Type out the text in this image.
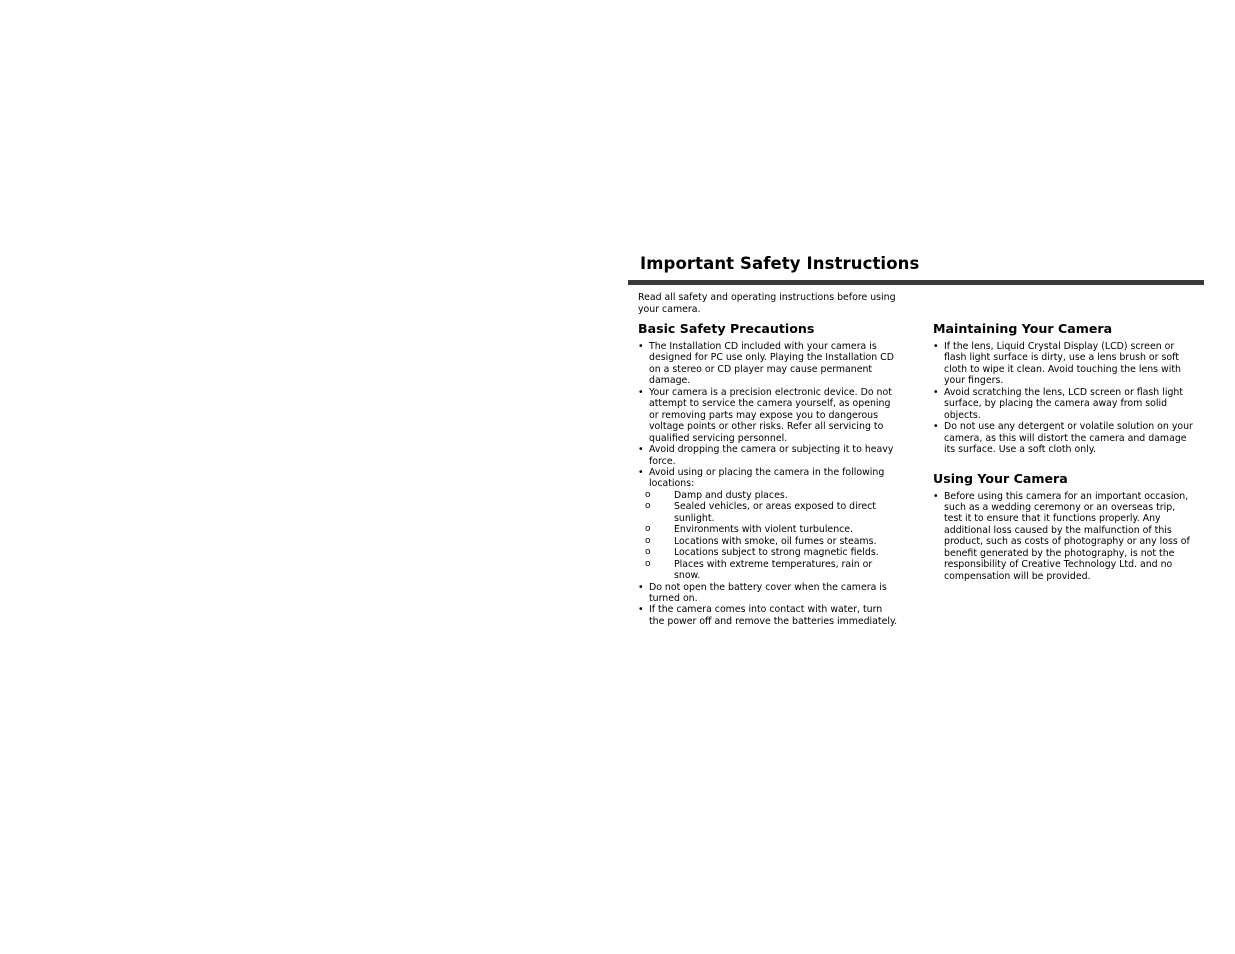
Important Safety Instructions

Read all safety and operating instructions before using your camera.

Basic Safety Precautions
• The Installation CD included with your camera is designed for PC use only. Playing the Installation CD on a stereo or CD player may cause permanent damage.
• Your camera is a precision electronic device. Do not attempt to service the camera yourself, as opening or removing parts may expose you to dangerous voltage points or other risks. Refer all servicing to qualified servicing personnel.
• Avoid dropping the camera or subjecting it to heavy force.
• Avoid using or placing the camera in the following locations:
o Damp and dusty places.
o Sealed vehicles, or areas exposed to direct sunlight.
o Environments with violent turbulence.
o Locations with smoke, oil fumes or steams.
o Locations subject to strong magnetic fields.
o Places with extreme temperatures, rain or snow.
• Do not open the battery cover when the camera is turned on.
• If the camera comes into contact with water, turn the power off and remove the batteries immediately.
Maintaining Your Camera
• If the lens, Liquid Crystal Display (LCD) screen or flash light surface is dirty, use a lens brush or soft cloth to wipe it clean. Avoid touching the lens with your fingers.
• Avoid scratching the lens, LCD screen or flash light surface, by placing the camera away from solid objects.
• Do not use any detergent or volatile solution on your camera, as this will distort the camera and damage its surface. Use a soft cloth only.
Using Your Camera
• Before using this camera for an important occasion, such as a wedding ceremony or an overseas trip, test it to ensure that it functions properly. Any additional loss caused by the malfunction of this product, such as costs of photography or any loss of benefit generated by the photography, is not the responsibility of Creative Technology Ltd. and no compensation will be provided.
